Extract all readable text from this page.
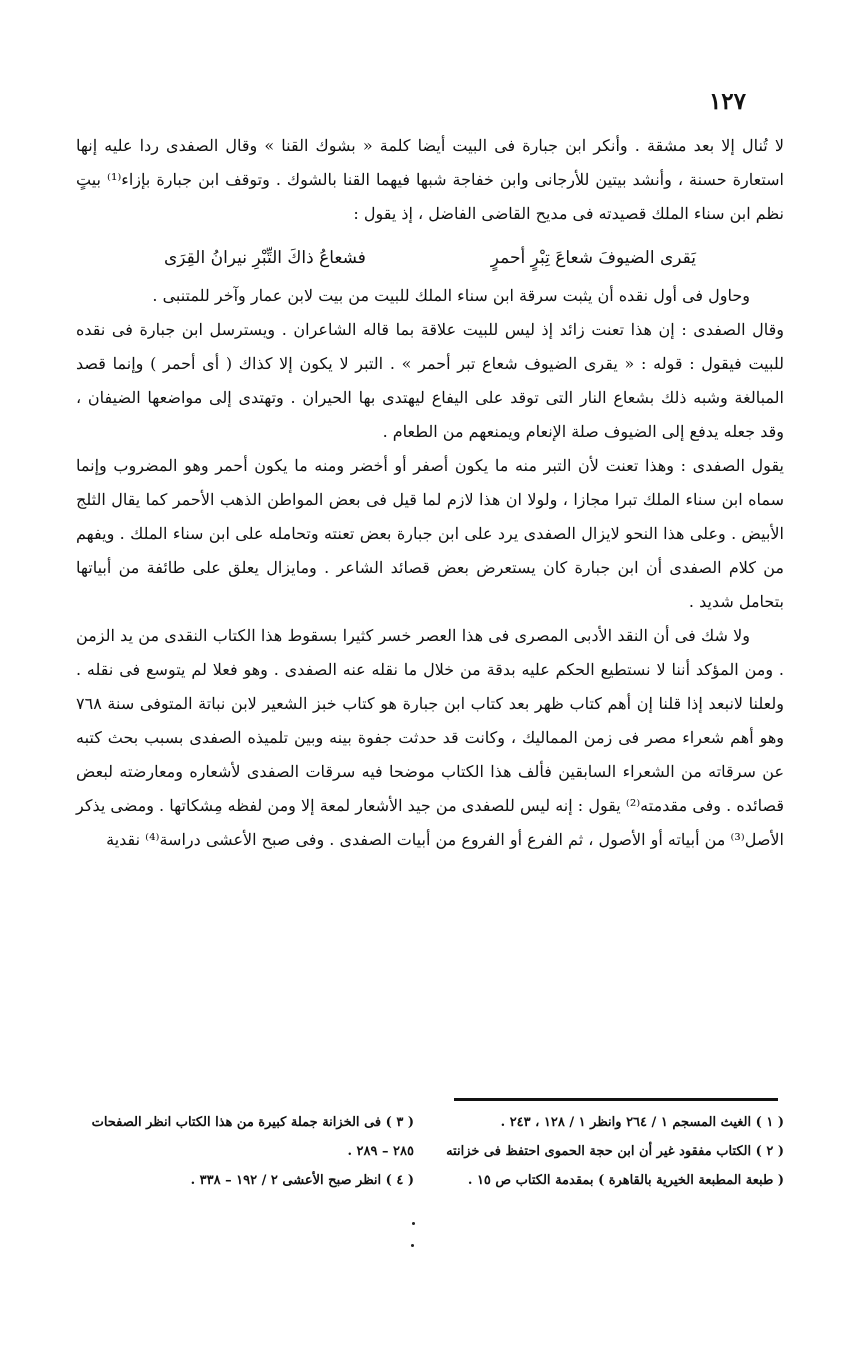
١٢٧

لا تُنال إلا بعد مشقة . وأنكر ابن جبارة فى البيت أيضا كلمة « بشوك القنا » وقال الصفدى ردا عليه إنها استعارة حسنة ، وأنشد بيتين للأرجانى وابن خفاجة شبها فيهما القنا بالشوك . وتوقف ابن جبارة بإزاء⁽¹⁾ بيتٍ نظم ابن سناء الملك قصيدته فى مديح القاضى الفاضل ، إذ يقول :

يَقرى الضيوفَ شعاعَ تِبْرٍ أحمرٍ
فشعاعُ ذاكَ التِّبْرِ نيرانُ القِرَى

وحاول فى أول نقده أن يثبت سرقة ابن سناء الملك للبيت من بيت لابن عمار وآخر للمتنبى .

وقال الصفدى : إن هذا تعنت زائد إذ ليس للبيت علاقة بما قاله الشاعران . ويسترسل ابن جبارة فى نقده للبيت فيقول : قوله : « يقرى الضيوف شعاع تبر أحمر » . التبر لا يكون إلا كذاك ( أى أحمر ) وإنما قصد المبالغة وشبه ذلك بشعاع النار التى توقد على اليفاع ليهتدى بها الحيران . وتهتدى إلى مواضعها الضيفان ، وقد جعله يدفع إلى الضيوف صلة الإنعام ويمنعهم من الطعام .

يقول الصفدى : وهذا تعنت لأن التبر منه ما يكون أصفر أو أخضر ومنه ما يكون أحمر وهو المضروب وإنما سماه ابن سناء الملك تبرا مجازا ، ولولا ان هذا لازم لما قيل فى بعض المواطن الذهب الأحمر كما يقال الثلج الأبيض . وعلى هذا النحو لايزال الصفدى يرد على ابن جبارة بعض تعنته وتحامله على ابن سناء الملك . ويفهم من كلام الصفدى أن ابن جبارة كان يستعرض بعض قصائد الشاعر . ومايزال يعلق على طائفة من أبياتها بتحامل شديد .

ولا شك فى أن النقد الأدبى المصرى فى هذا العصر خسر كثيرا بسقوط هذا الكتاب النقدى من يد الزمن . ومن المؤكد أننا لا نستطيع الحكم عليه بدقة من خلال ما نقله عنه الصفدى . وهو فعلا لم يتوسع فى نقله . ولعلنا لانبعد إذا قلنا إن أهم كتاب ظهر بعد كتاب ابن جبارة هو كتاب خبز الشعير لابن نباتة المتوفى سنة ٧٦٨ وهو أهم شعراء مصر فى زمن المماليك ، وكانت قد حدثت جفوة بينه وبين تلميذه الصفدى بسبب بحث كتبه عن سرقاته من الشعراء السابقين فألف هذا الكتاب موضحا فيه سرقات الصفدى لأشعاره ومعارضته لبعض قصائده . وفى مقدمته⁽²⁾ يقول : إنه ليس للصفدى من جيد الأشعار لمعة إلا ومن لفظه مِشكاتها . ومضى يذكر الأصل⁽³⁾ من أبياته أو الأصول ، ثم الفرع أو الفروع من أبيات الصفدى . وفى صبح الأعشى دراسة⁽⁴⁾ نقدية

( ١ ) الغيث المسجم ١ / ٢٦٤ وانظر ١ / ١٢٨ ، ٢٤٣ .

( ٢ ) الكتاب مفقود غير أن ابن حجة الحموى احتفظ فى خزانته ( طبعة المطبعة الخيرية بالقاهرة ) بمقدمة الكتاب ص ١٥ .

( ٣ ) فى الخزانة جملة كبيرة من هذا الكتاب انظر الصفحات ٢٨٥ – ٢٨٩ .

( ٤ ) انظر صبح الأعشى ٢ / ١٩٢ – ٣٣٨ .
